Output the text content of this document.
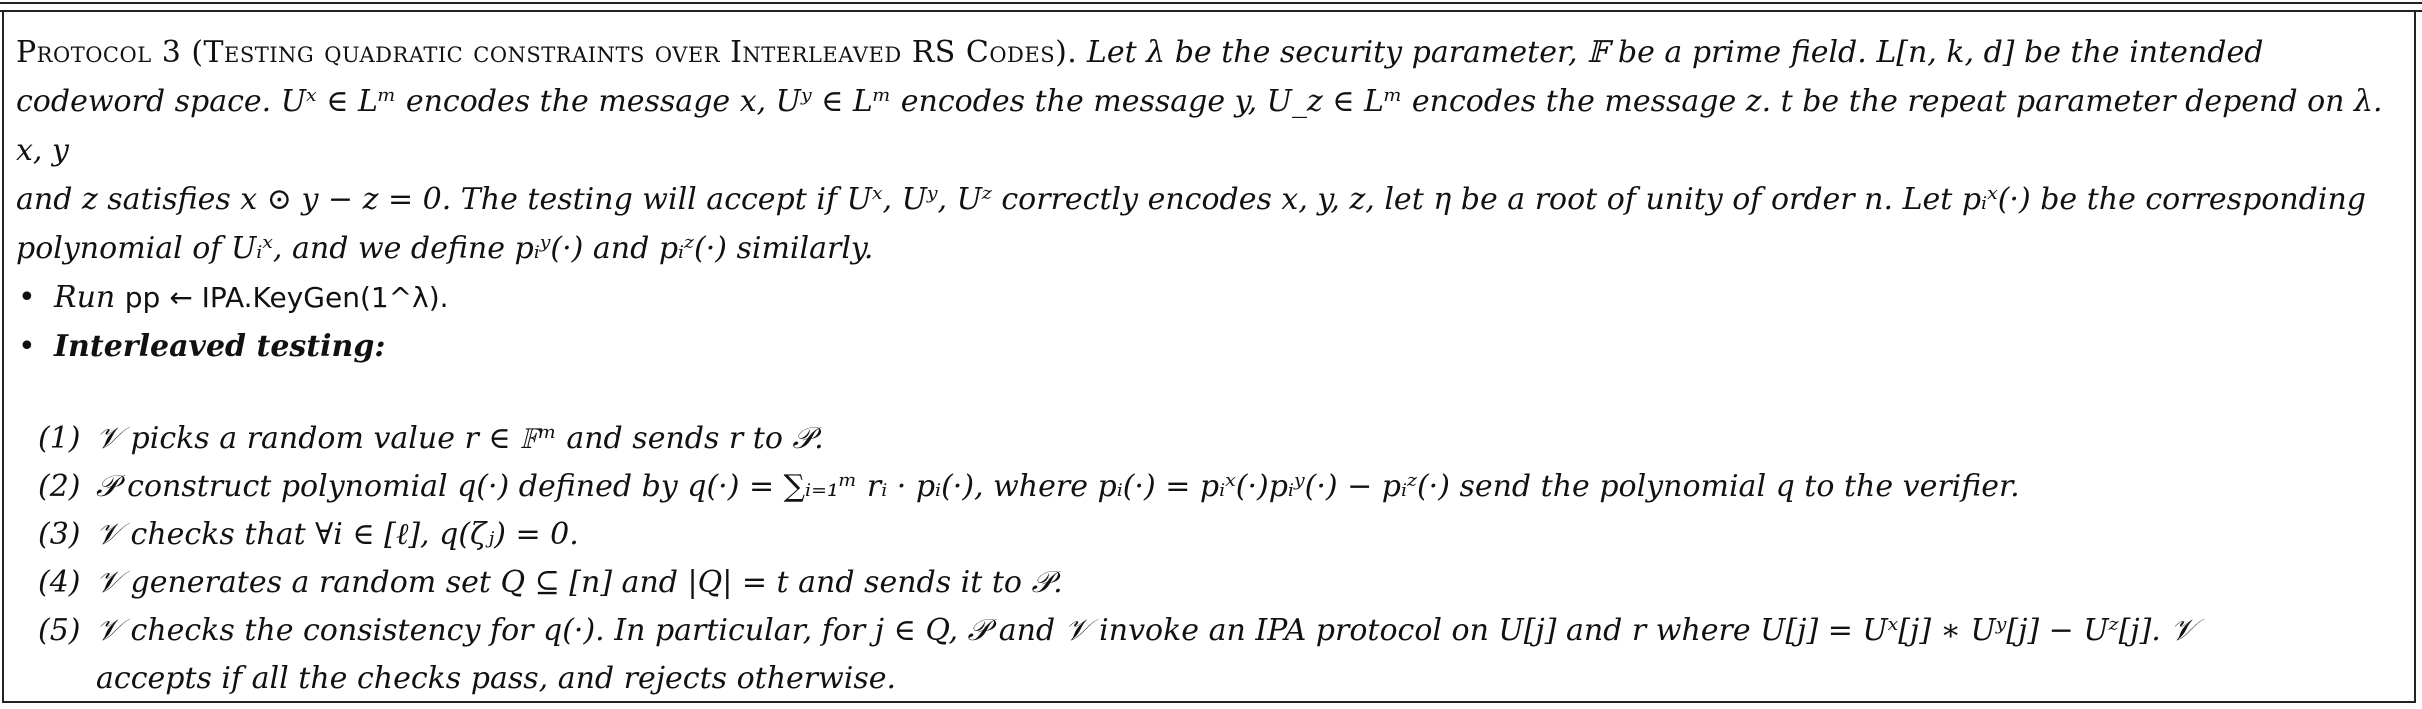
Protocol 3 (Testing quadratic constraints over Interleaved RS Codes). Let λ be the security parameter, 𝔽 be a prime field. L[n, k, d] be the intended
codeword space. Uˣ ∈ Lᵐ encodes the message x, Uʸ ∈ Lᵐ encodes the message y, U_z ∈ Lᵐ encodes the message z. t be the repeat parameter depend on λ. x, y
and z satisfies x ⊙ y − z = 0. The testing will accept if Uˣ, Uʸ, Uᶻ correctly encodes x, y, z, let η be a root of unity of order n. Let pᵢˣ(·) be the corresponding
polynomial of Uᵢˣ, and we define pᵢʸ(·) and pᵢᶻ(·) similarly.

• Run pp ← IPA.KeyGen(1^λ).

• Interleaved testing:

(1) 𝒱 picks a random value r ∈ 𝔽ᵐ and sends r to 𝒫.
(2) 𝒫 construct polynomial q(·) defined by q(·) = ∑ᵢ₌₁ᵐ rᵢ · pᵢ(·), where pᵢ(·) = pᵢˣ(·)pᵢʸ(·) − pᵢᶻ(·) send the polynomial q to the verifier.
(3) 𝒱 checks that ∀i ∈ [ℓ], q(ζⱼ) = 0.
(4) 𝒱 generates a random set Q ⊆ [n] and |Q| = t and sends it to 𝒫.
(5) 𝒱 checks the consistency for q(·). In particular, for j ∈ Q, 𝒫 and 𝒱 invoke an IPA protocol on U[j] and r where U[j] = Uˣ[j] ∗ Uʸ[j] − Uᶻ[j]. 𝒱
accepts if all the checks pass, and rejects otherwise.
